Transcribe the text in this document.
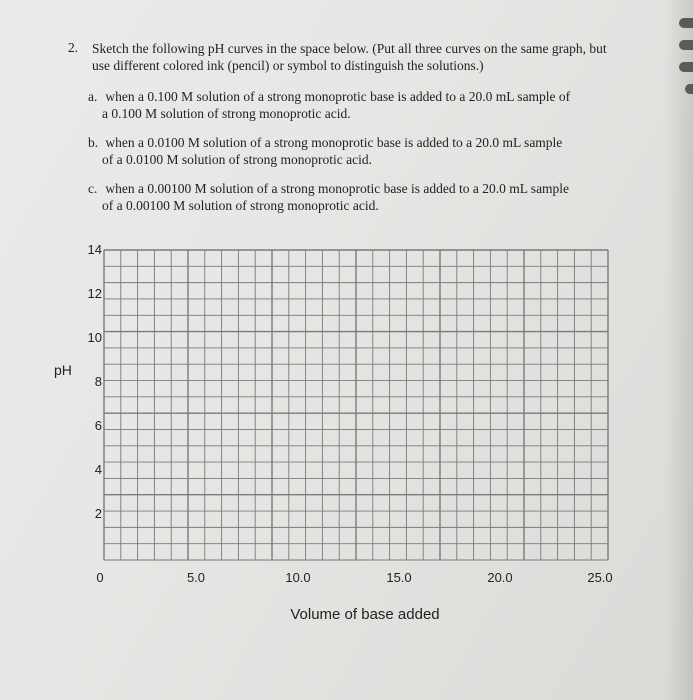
2. Sketch the following pH curves in the space below. (Put all three curves on the same graph, but use different colored ink (pencil) or symbol to distinguish the solutions.)
a. when a 0.100 M solution of a strong monoprotic base is added to a 20.0 mL sample of
a 0.100 M solution of strong monoprotic acid.
b. when a 0.0100 M solution of a strong monoprotic base is added to a 20.0 mL sample
of a 0.0100 M solution of strong monoprotic acid.
c. when a 0.00100 M solution of a strong monoprotic base is added to a 20.0 mL sample
of a 0.00100 M solution of strong monoprotic acid.
pH
14
12
10
8
6
4
2
0	5.0	10.0	15.0	20.0	25.0
Volume of base added
